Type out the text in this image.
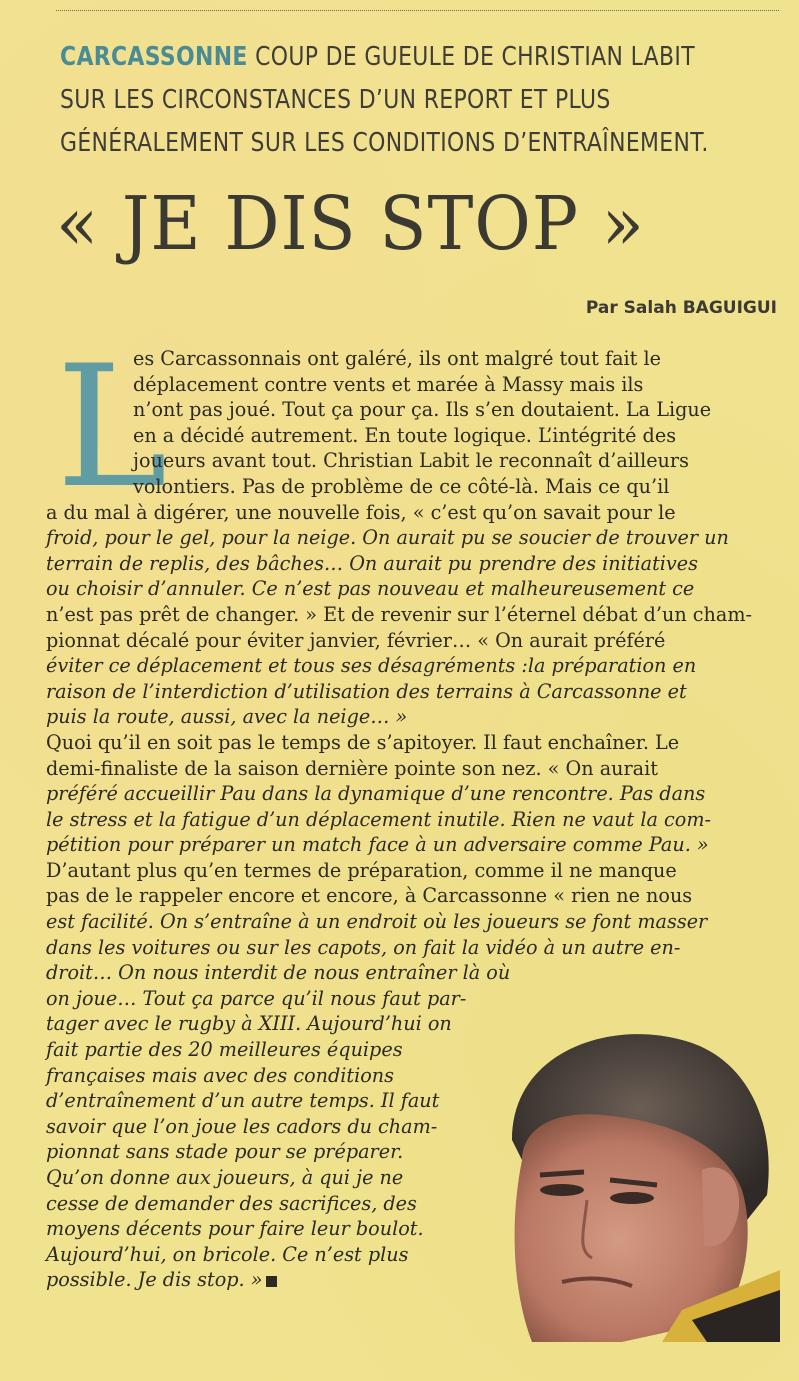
CARCASSONNE COUP DE GUEULE DE CHRISTIAN LABIT
SUR LES CIRCONSTANCES D’UN REPORT ET PLUS
GÉNÉRALEMENT SUR LES CONDITIONS D’ENTRAÎNEMENT.
« JE DIS STOP »
Par Salah BAGUIGUI
L
es Carcassonnais ont galéré, ils ont malgré tout fait le
déplacement contre vents et marée à Massy mais ils
n’ont pas joué. Tout ça pour ça. Ils s’en doutaient. La Ligue
en a décidé autrement. En toute logique. L’intégrité des
joueurs avant tout. Christian Labit le reconnaît d’ailleurs
volontiers. Pas de problème de ce côté-là. Mais ce qu’il
a du mal à digérer, une nouvelle fois, « c’est qu’on savait pour le
froid, pour le gel, pour la neige. On aurait pu se soucier de trouver un
terrain de replis, des bâches… On aurait pu prendre des initiatives
ou choisir d’annuler. Ce n’est pas nouveau et malheureusement ce
n’est pas prêt de changer. » Et de revenir sur l’éternel débat d’un cham-
pionnat décalé pour éviter janvier, février… « On aurait préféré
éviter ce déplacement et tous ses désagréments :la préparation en
raison de l’interdiction d’utilisation des terrains à Carcassonne et
puis la route, aussi, avec la neige… »
Quoi qu’il en soit pas le temps de s’apitoyer. Il faut enchaîner. Le
demi-finaliste de la saison dernière pointe son nez. « On aurait
préféré accueillir Pau dans la dynamique d’une rencontre. Pas dans
le stress et la fatigue d’un déplacement inutile. Rien ne vaut la com-
pétition pour préparer un match face à un adversaire comme Pau. »
D’autant plus qu’en termes de préparation, comme il ne manque
pas de le rappeler encore et encore, à Carcassonne « rien ne nous
est facilité. On s’entraîne à un endroit où les joueurs se font masser
dans les voitures ou sur les capots, on fait la vidéo à un autre en-
droit… On nous interdit de nous entraîner là où
on joue… Tout ça parce qu’il nous faut par-
tager avec le rugby à XIII. Aujourd’hui on
fait partie des 20 meilleures équipes
françaises mais avec des conditions
d’entraînement d’un autre temps. Il faut
savoir que l’on joue les cadors du cham-
pionnat sans stade pour se préparer.
Qu’on donne aux joueurs, à qui je ne
cesse de demander des sacrifices, des
moyens décents pour faire leur boulot.
Aujourd’hui, on bricole. Ce n’est plus
possible. Je dis stop. »
